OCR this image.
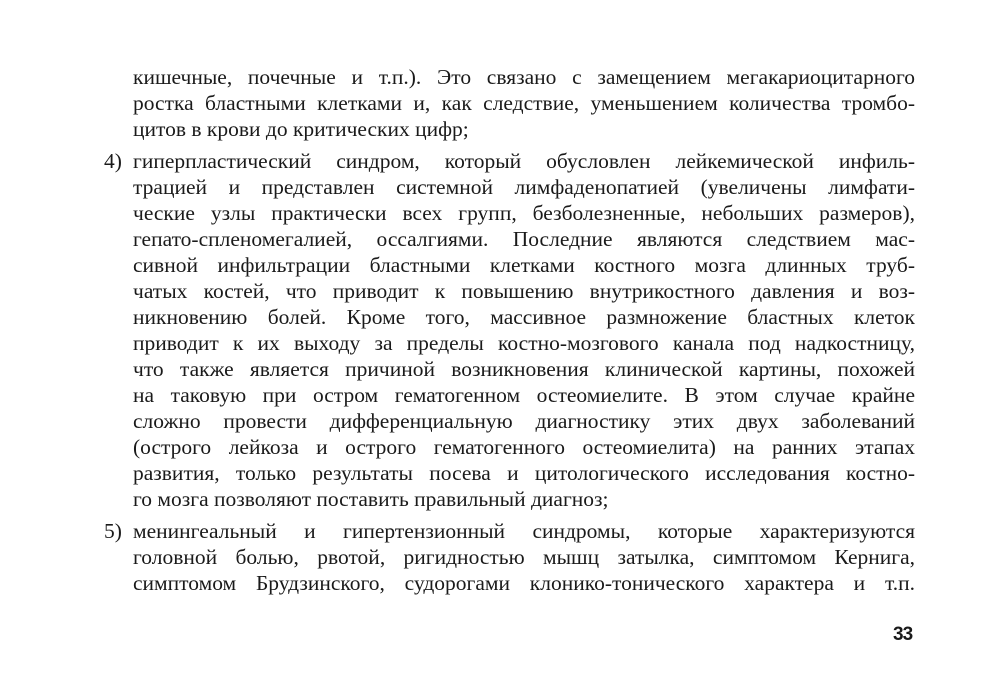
кишечные, почечные и т.п.). Это связано с замещением мегакариоцитарного
ростка бластными клетками и, как следствие, уменьшением количества тромбо-
цитов в крови до критических цифр;
4) гиперпластический синдром, который обусловлен лейкемической инфиль-
трацией и представлен системной лимфаденопатией (увеличены лимфати-
ческие узлы практически всех групп, безболезненные, небольших размеров),
гепато-спленомегалией, оссалгиями. Последние являются следствием мас-
сивной инфильтрации бластными клетками костного мозга длинных труб-
чатых костей, что приводит к повышению внутрикостного давления и воз-
никновению болей. Кроме того, массивное размножение бластных клеток
приводит к их выходу за пределы костно-мозгового канала под надкостницу,
что также является причиной возникновения клинической картины, похожей
на таковую при остром гематогенном остеомиелите. В этом случае крайне
сложно провести дифференциальную диагностику этих двух заболеваний
(острого лейкоза и острого гематогенного остеомиелита) на ранних этапах
развития, только результаты посева и цитологического исследования костно-
го мозга позволяют поставить правильный диагноз;
5) менингеальный и гипертензионный синдромы, которые характеризуются
головной болью, рвотой, ригидностью мышц затылка, симптомом Кернига,
симптомом Брудзинского, судорогами клонико-тонического характера и т.п.
33
